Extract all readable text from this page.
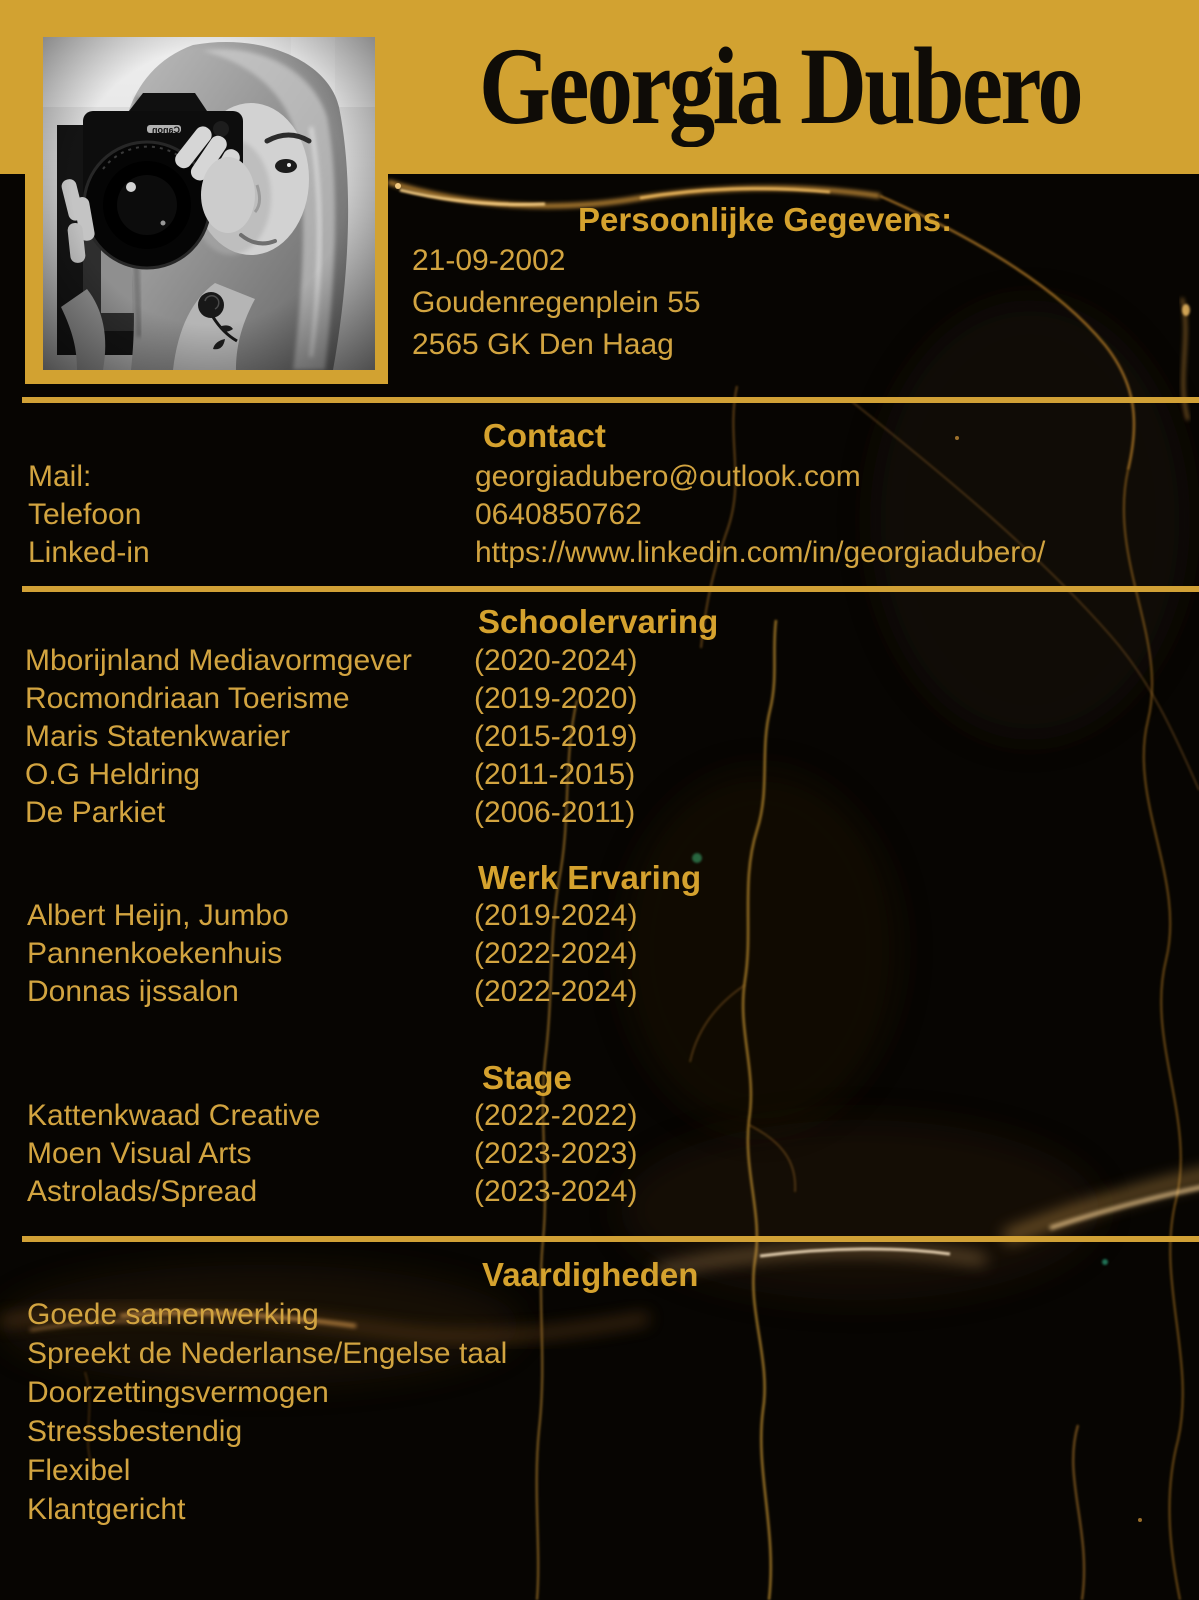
Georgia Dubero
Persoonlijke Gegevens:
21-09-2002
Goudenregenplein 55
2565 GK Den Haag
Contact
Mail:	georgiadubero@outlook.com
Telefoon	0640850762
Linked-in	https://www.linkedin.com/in/georgiadubero/
Schoolervaring
Mborijnland Mediavormgever	(2020-2024)
Rocmondriaan Toerisme	(2019-2020)
Maris Statenkwarier	(2015-2019)
O.G Heldring	(2011-2015)
De Parkiet	(2006-2011)
Werk Ervaring
Albert Heijn, Jumbo	(2019-2024)
Pannenkoekenhuis	(2022-2024)
Donnas ijssalon	(2022-2024)
Stage
Kattenkwaad Creative	(2022-2022)
Moen Visual Arts	(2023-2023)
Astrolads/Spread	(2023-2024)
Vaardigheden
Goede samenwerking
Spreekt de Nederlanse/Engelse taal
Doorzettingsvermogen
Stressbestendig
Flexibel
Klantgericht
